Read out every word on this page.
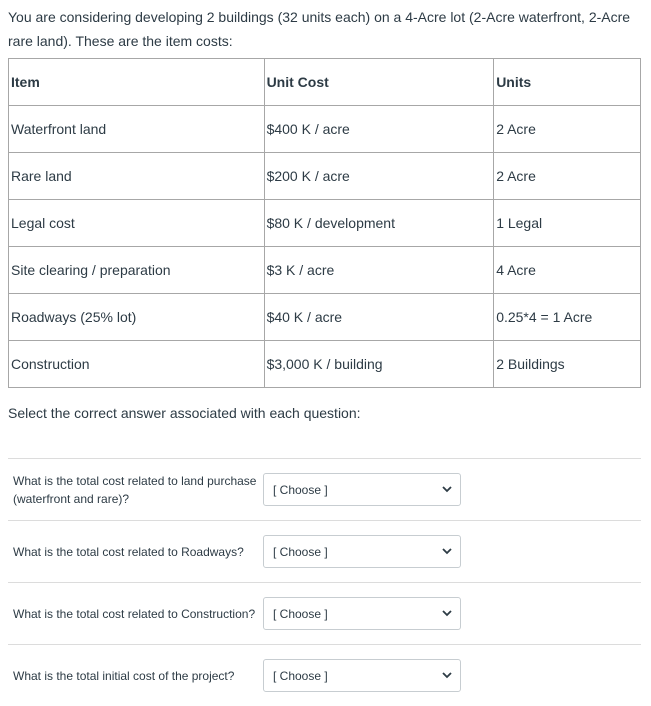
You are considering developing 2 buildings (32 units each) on a 4-Acre lot (2-Acre waterfront, 2-Acre rare land). These are the item costs:
Item	Unit Cost	Units
Waterfront land	$400 K / acre	2 Acre
Rare land	$200 K / acre	2 Acre
Legal cost	$80 K / development	1 Legal
Site clearing / preparation	$3 K / acre	4 Acre
Roadways (25% lot)	$40 K / acre	0.25*4 = 1 Acre
Construction	$3,000 K / building	2 Buildings
Select the correct answer associated with each question:
What is the total cost related to land purchase (waterfront and rare)?
[ Choose ]
What is the total cost related to Roadways?	[ Choose ]
What is the total cost related to Construction?	[ Choose ]
What is the total initial cost of the project?	[ Choose ]
